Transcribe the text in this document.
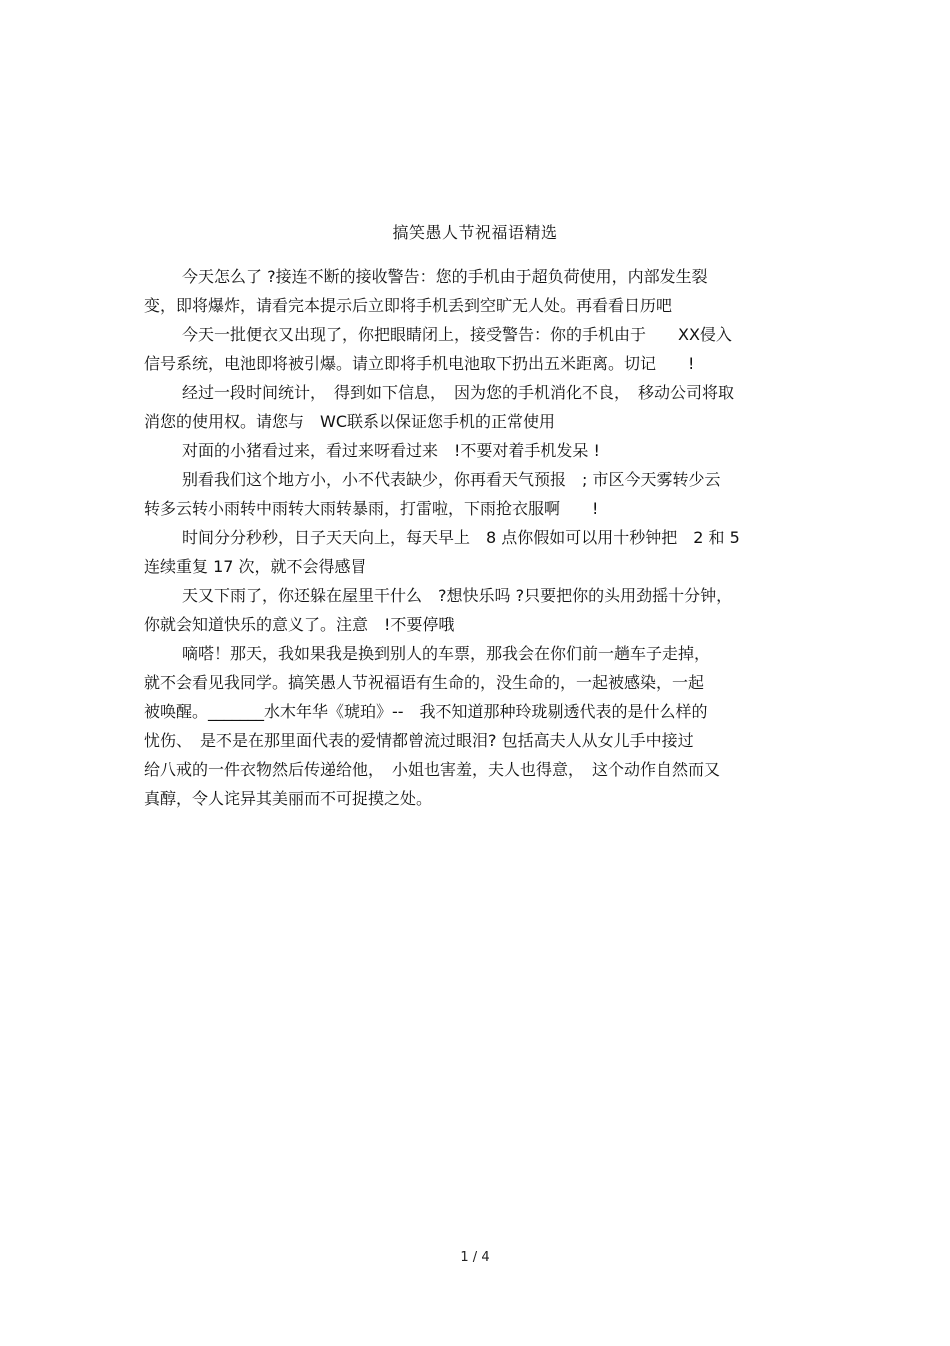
搞笑愚人节祝福语精选
今天怎么了 ?接连不断的接收警告：您的手机由于超负荷使用，内部发生裂
变，即将爆炸，请看完本提示后立即将手机丢到空旷无人处。再看看日历吧
今天一批便衣又出现了，你把眼睛闭上，接受警告：你的手机由于　　XX侵入
信号系统，电池即将被引爆。请立即将手机电池取下扔出五米距离。切记　　!
经过一段时间统计，　得到如下信息，　因为您的手机消化不良，　移动公司将取
消您的使用权。请您与　WC联系以保证您手机的正常使用
对面的小猪看过来，看过来呀看过来　!不要对着手机发呆 !
别看我们这个地方小，小不代表缺少，你再看天气预报　; 市区今天雾转少云
转多云转小雨转中雨转大雨转暴雨，打雷啦，下雨抢衣服啊　　!
时间分分秒秒，日子天天向上，每天早上　8 点你假如可以用十秒钟把　2 和 5
连续重复 17 次，就不会得感冒
天又下雨了，你还躲在屋里干什么　?想快乐吗 ?只要把你的头用劲摇十分钟，
你就会知道快乐的意义了。注意　!不要停哦
嘀嗒！那天，我如果我是换到别人的车票，那我会在你们前一趟车子走掉，
就不会看见我同学。搞笑愚人节祝福语有生命的，没生命的，一起被感染，一起
被唤醒。_______水木年华《琥珀》--　我不知道那种玲珑剔透代表的是什么样的
忧伤、　是不是在那里面代表的爱情都曾流过眼泪? 包括高夫人从女儿手中接过
给八戒的一件衣物然后传递给他，　小姐也害羞，夫人也得意，　这个动作自然而又
真醇，令人诧异其美丽而不可捉摸之处。
1 / 4
